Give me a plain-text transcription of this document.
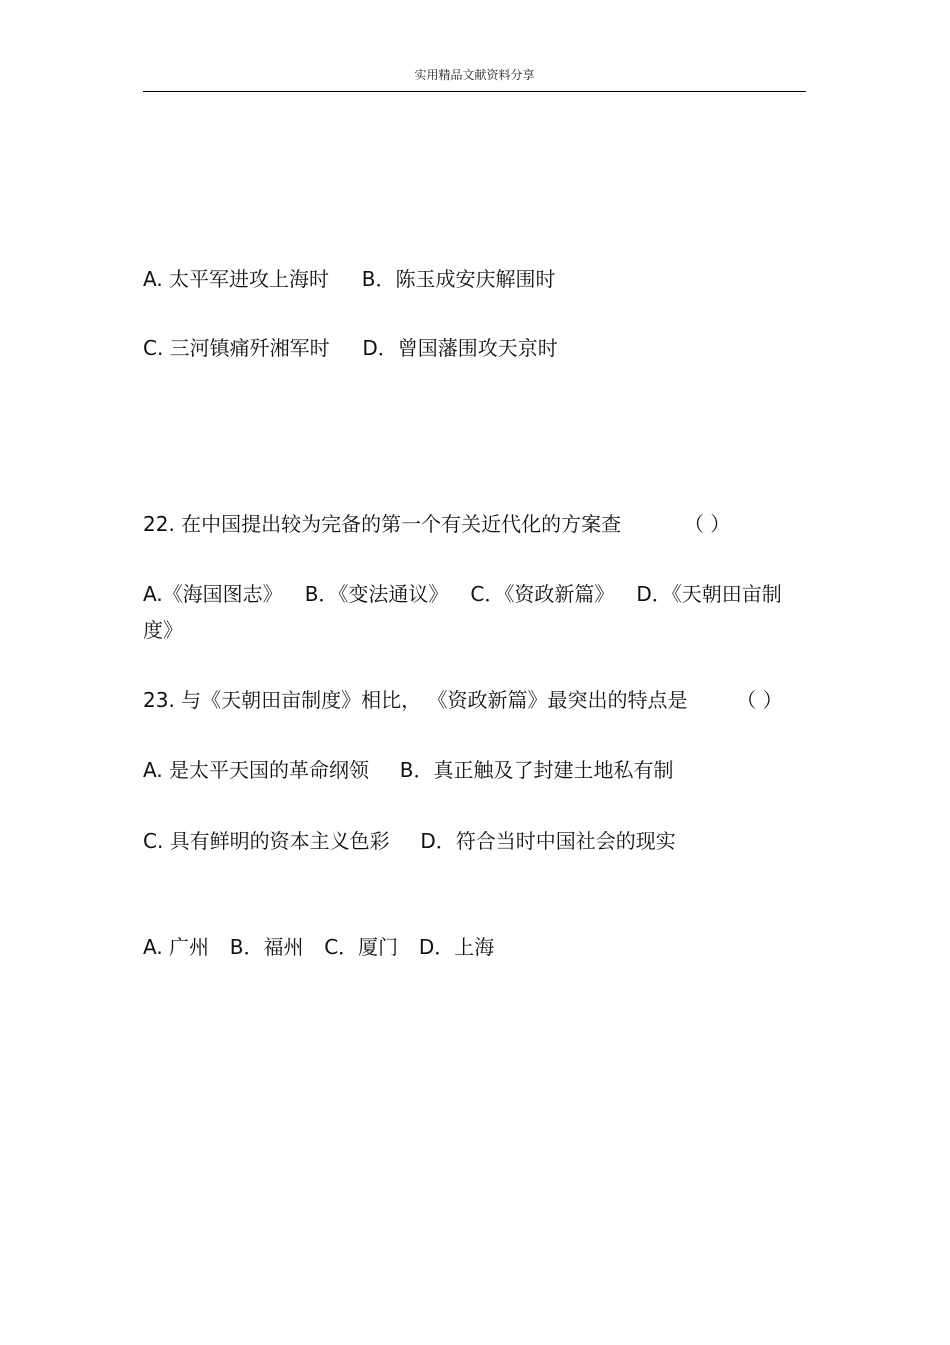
实用精品文献资料分享
A. 太平军进攻上海时 B．陈玉成安庆解围时
C. 三河镇痛歼湘军时 D．曾国藩围攻天京时
22. 在中国提出较为完备的第一个有关近代化的方案查	（ ）
A.《海国图志》 B．《变法通议》 C．《资政新篇》 D．《天朝田亩制度》
23. 与《天朝田亩制度》相比， 《资政新篇》最突出的特点是 （ ）
A. 是太平天国的革命纲领 B．真正触及了封建土地私有制
C. 具有鲜明的资本主义色彩 D．符合当时中国社会的现实
A. 广州 B．福州 C．厦门 D．上海
